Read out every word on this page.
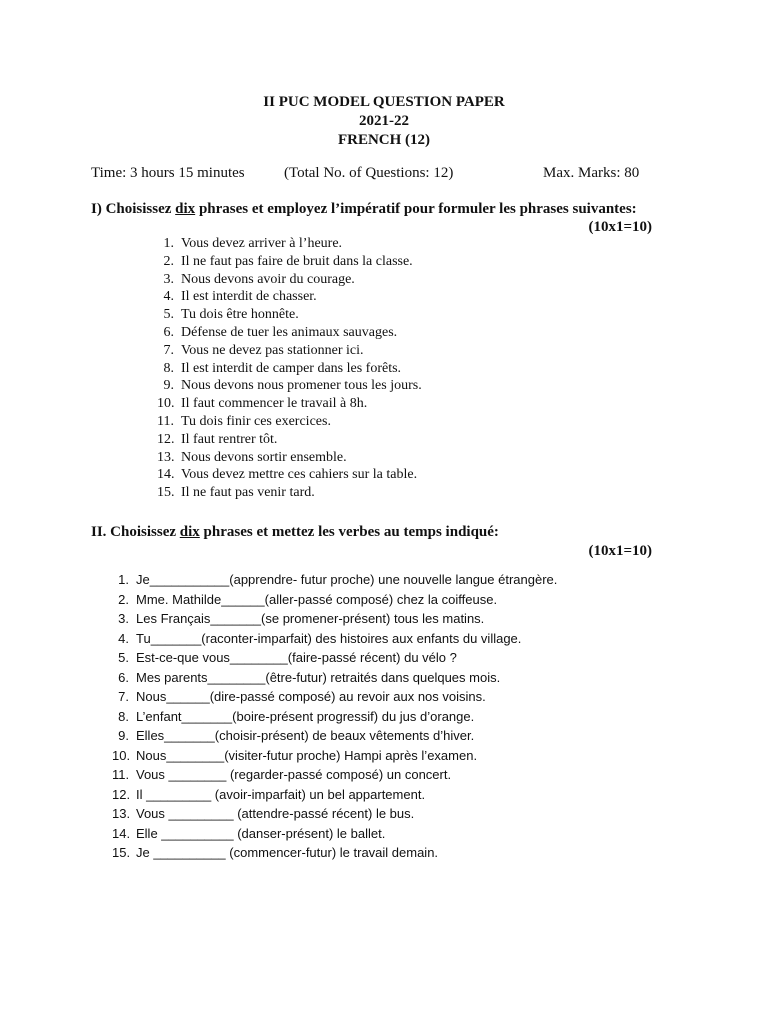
II PUC MODEL QUESTION PAPER
2021-22
FRENCH (12)
Time: 3 hours 15 minutes	(Total No. of Questions: 12)	Max. Marks: 80
I) Choisissez dix phrases et employez l’impératif pour formuler les phrases suivantes:
(10x1=10)
1. Vous devez arriver à l’heure.
2. Il ne faut pas faire de bruit dans la classe.
3. Nous devons avoir du courage.
4. Il est interdit de chasser.
5. Tu dois être honnête.
6. Défense de tuer les animaux sauvages.
7. Vous ne devez pas stationner ici.
8. Il est interdit de camper dans les forêts.
9. Nous devons nous promener tous les jours.
10. Il faut commencer le travail à 8h.
11. Tu dois finir ces exercices.
12. Il faut rentrer tôt.
13. Nous devons sortir ensemble.
14. Vous devez mettre ces cahiers sur la table.
15. Il ne faut pas venir tard.
II. Choisissez dix phrases et mettez les verbes au temps indiqué:
(10x1=10)
1. Je___________(apprendre- futur proche) une nouvelle langue étrangère.
2. Mme. Mathilde______(aller-passé composé) chez la coiffeuse.
3. Les Français_______(se promener-présent) tous les matins.
4. Tu_______(raconter-imparfait) des histoires aux enfants du village.
5. Est-ce-que vous________(faire-passé récent) du vélo ?
6. Mes parents________(être-futur) retraités dans quelques mois.
7. Nous______(dire-passé composé) au revoir aux nos voisins.
8. L’enfant_______(boire-présent progressif) du jus d’orange.
9. Elles_______(choisir-présent) de beaux vêtements d’hiver.
10. Nous________(visiter-futur proche) Hampi après l’examen.
11. Vous ________ (regarder-passé composé) un concert.
12. Il _________ (avoir-imparfait) un bel appartement.
13. Vous _________ (attendre-passé récent) le bus.
14. Elle __________ (danser-présent) le ballet.
15. Je __________ (commencer-futur) le travail demain.
